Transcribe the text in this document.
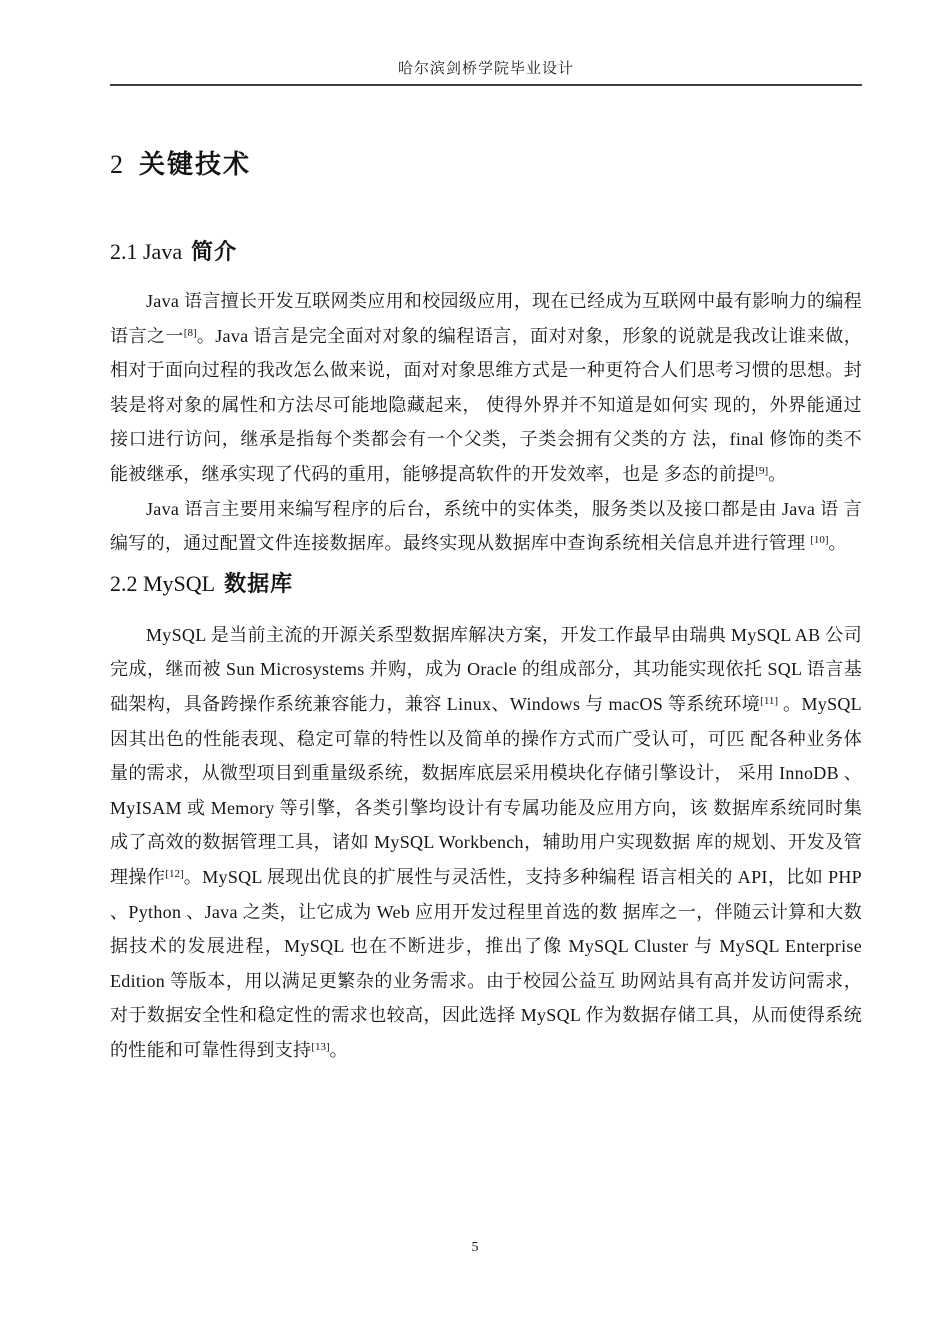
哈尔滨剑桥学院毕业设计
2 关键技术
2.1 Java 简介

Java 语言擅长开发互联网类应用和校园级应用，现在已经成为互联网中最有影响力的编程语言之一[8]。Java 语言是完全面对对象的编程语言，面对对象，形象的说就是我改让谁来做，相对于面向过程的我改怎么做来说，面对对象思维方式是一种更符合人们思考习惯的思想。封装是将对象的属性和方法尽可能地隐藏起来， 使得外界并不知道是如何实 现的，外界能通过接口进行访问，继承是指每个类都会有一个父类，子类会拥有父类的方 法，final 修饰的类不能被继承，继承实现了代码的重用，能够提高软件的开发效率，也是 多态的前提[9]。

Java 语言主要用来编写程序的后台，系统中的实体类，服务类以及接口都是由 Java 语 言编写的，通过配置文件连接数据库。最终实现从数据库中查询系统相关信息并进行管理 [10]。

2.2 MySQL 数据库

MySQL 是当前主流的开源关系型数据库解决方案，开发工作最早由瑞典 MySQL AB 公司完成，继而被 Sun Microsystems 并购，成为 Oracle 的组成部分，其功能实现依托 SQL 语言基础架构，具备跨操作系统兼容能力，兼容 Linux、Windows 与 macOS 等系统环境[11] 。MySQL 因其出色的性能表现、稳定可靠的特性以及简单的操作方式而广受认可，可匹 配各种业务体量的需求，从微型项目到重量级系统，数据库底层采用模块化存储引擎设计， 采用 InnoDB 、MyISAM 或 Memory 等引擎，各类引擎均设计有专属功能及应用方向，该 数据库系统同时集成了高效的数据管理工具，诸如 MySQL Workbench，辅助用户实现数据 库的规划、开发及管理操作[12]。MySQL 展现出优良的扩展性与灵活性，支持多种编程 语言相关的 API，比如 PHP 、Python 、Java 之类，让它成为 Web 应用开发过程里首选的数 据库之一，伴随云计算和大数据技术的发展进程，MySQL 也在不断进步，推出了像 MySQL Cluster 与 MySQL Enterprise Edition 等版本，用以满足更繁杂的业务需求。由于校园公益互 助网站具有高并发访问需求，对于数据安全性和稳定性的需求也较高，因此选择 MySQL 作为数据存储工具，从而使得系统的性能和可靠性得到支持[13]。

5
